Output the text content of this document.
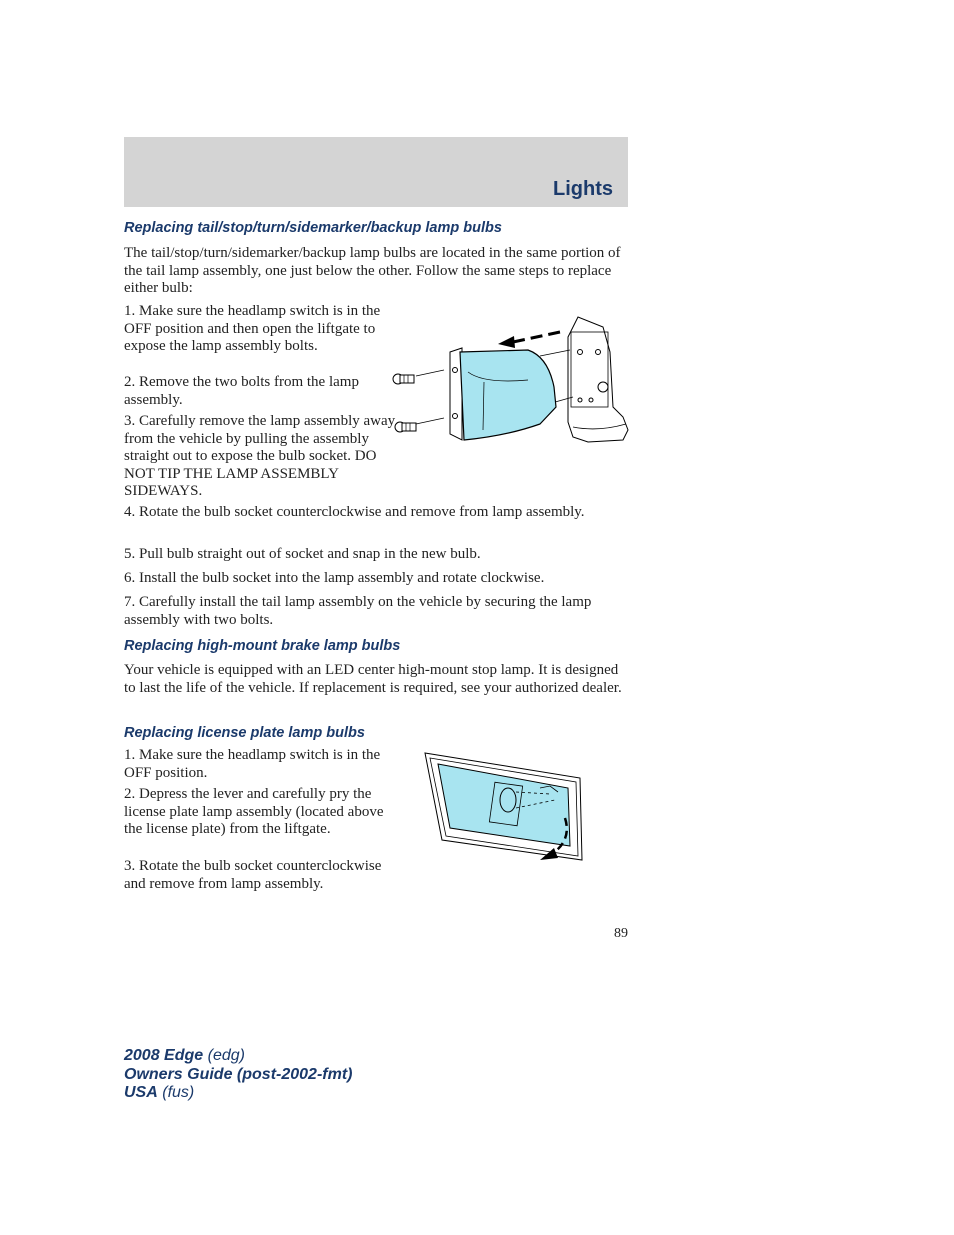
Lights
Replacing tail/stop/turn/sidemarker/backup lamp bulbs

The tail/stop/turn/sidemarker/backup lamp bulbs are located in the same portion of the tail lamp assembly, one just below the other. Follow the same steps to replace either bulb:

1. Make sure the headlamp switch is in the OFF position and then open the liftgate to expose the lamp assembly bolts.

2. Remove the two bolts from the lamp assembly.

3. Carefully remove the lamp assembly away from the vehicle by pulling the assembly straight out to expose the bulb socket. DO NOT TIP THE LAMP ASSEMBLY SIDEWAYS.

4. Rotate the bulb socket counterclockwise and remove from lamp assembly.

5. Pull bulb straight out of socket and snap in the new bulb.

6. Install the bulb socket into the lamp assembly and rotate clockwise.

7. Carefully install the tail lamp assembly on the vehicle by securing the lamp assembly with two bolts.

Replacing high-mount brake lamp bulbs

Your vehicle is equipped with an LED center high-mount stop lamp. It is designed to last the life of the vehicle. If replacement is required, see your authorized dealer.

Replacing license plate lamp bulbs

1. Make sure the headlamp switch is in the OFF position.

2. Depress the lever and carefully pry the license plate lamp assembly (located above the license plate) from the liftgate.

3. Rotate the bulb socket counterclockwise and remove from lamp assembly.

89
2008 Edge (edg)
Owners Guide (post-2002-fmt)
USA (fus)
